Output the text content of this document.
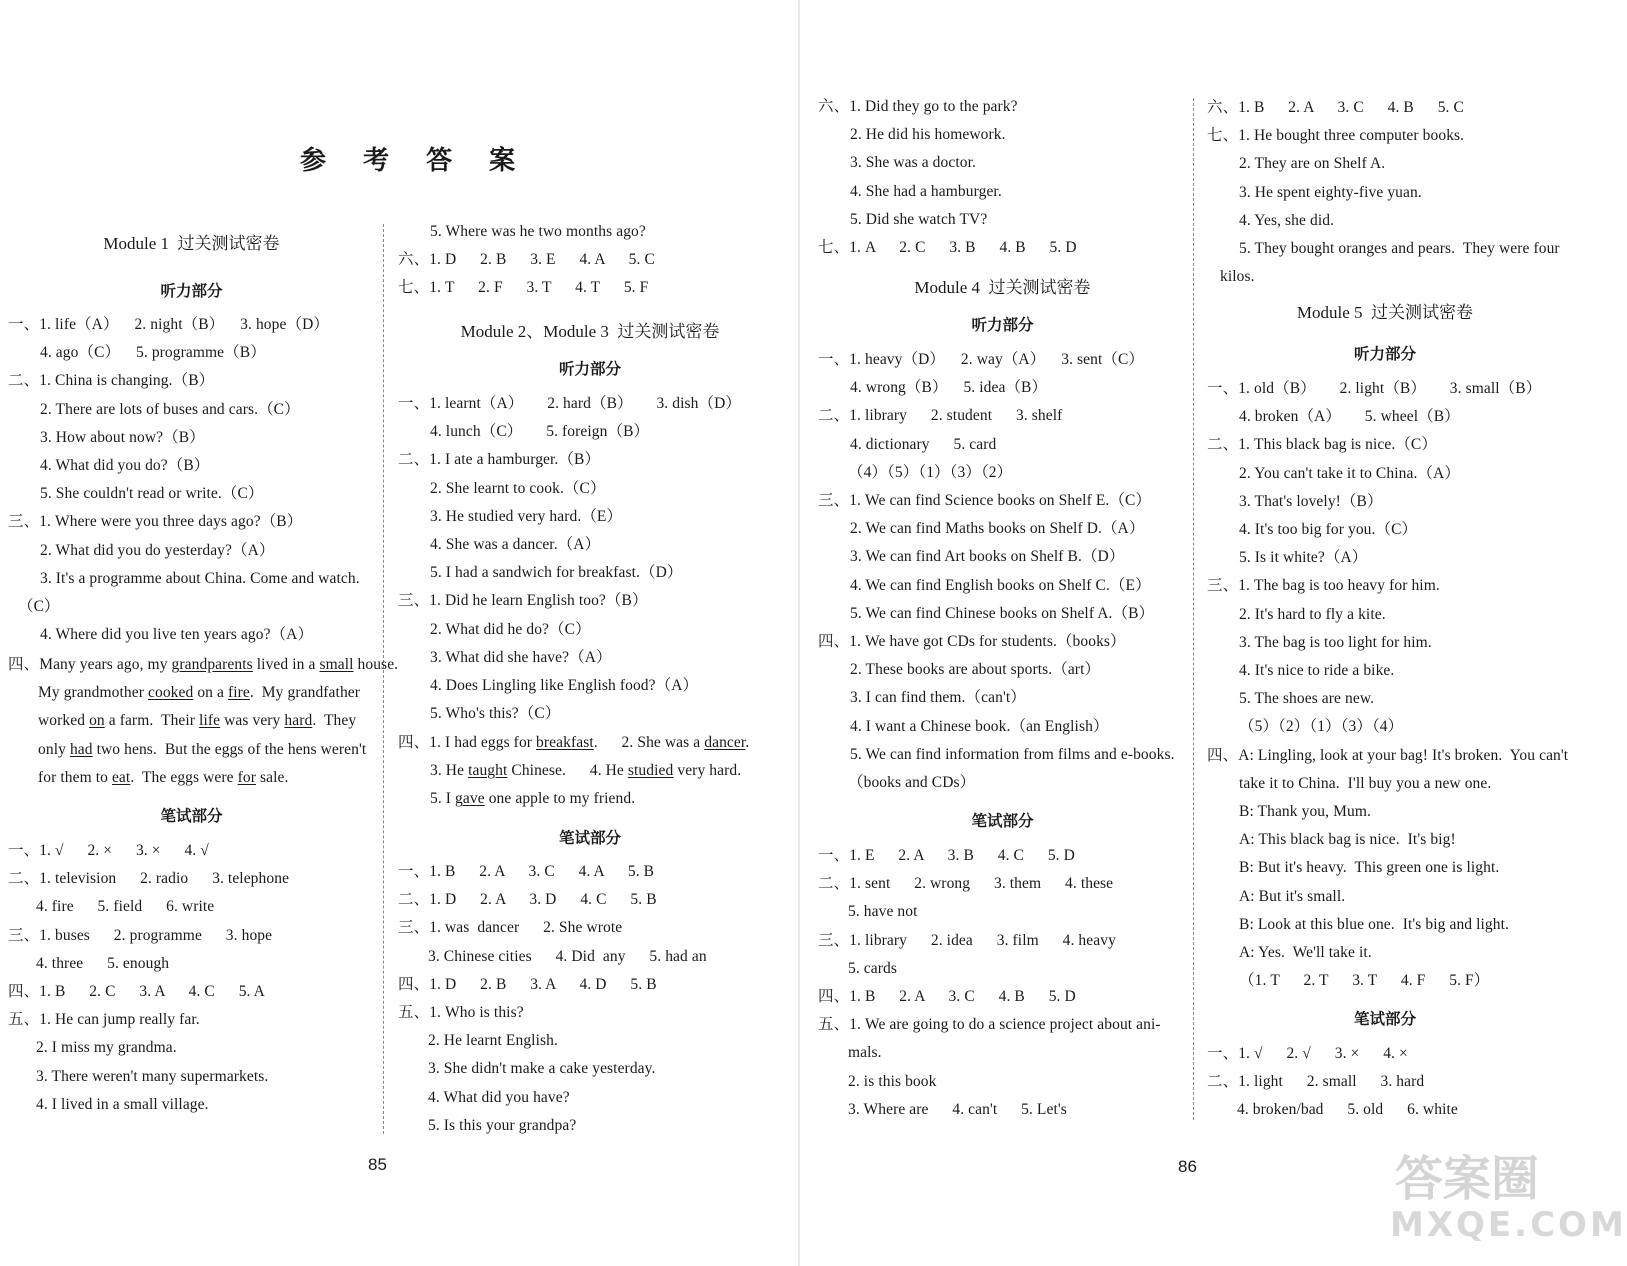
参 考 答 案
Module 1  过关测试密卷
听力部分
一、1. life（A）    2. night（B）    3. hope（D）
4. ago（C）    5. programme（B）
二、1. China is changing.（B）
2. There are lots of buses and cars.（C）
3. How about now?（B）
4. What did you do?（B）
5. She couldn't read or write.（C）
三、1. Where were you three days ago?（B）
2. What did you do yesterday?（A）
3. It's a programme about China. Come and watch.
（C）
4. Where did you live ten years ago?（A）
四、Many years ago, my grandparents lived in a small house.
My grandmother cooked on a fire.  My grandfather
worked on a farm.  Their life was very hard.  They
only had two hens.  But the eggs of the hens weren't
for them to eat.  The eggs were for sale.
笔试部分
一、1. √      2. ×      3. ×      4. √
二、1. television      2. radio      3. telephone
4. fire      5. field      6. write
三、1. buses      2. programme      3. hope
4. three      5. enough
四、1. B      2. C      3. A      4. C      5. A
五、1. He can jump really far.
2. I miss my grandma.
3. There weren't many supermarkets.
4. I lived in a small village.
5. Where was he two months ago?
六、1. D      2. B      3. E      4. A      5. C
七、1. T      2. F      3. T      4. T      5. F
Module 2、Module 3  过关测试密卷
听力部分
一、1. learnt（A）      2. hard（B）      3. dish（D）
4. lunch（C）      5. foreign（B）
二、1. I ate a hamburger.（B）
2. She learnt to cook.（C）
3. He studied very hard.（E）
4. She was a dancer.（A）
5. I had a sandwich for breakfast.（D）
三、1. Did he learn English too?（B）
2. What did he do?（C）
3. What did she have?（A）
4. Does Lingling like English food?（A）
5. Who's this?（C）
四、1. I had eggs for breakfast.      2. She was a dancer.
3. He taught Chinese.      4. He studied very hard.
5. I gave one apple to my friend.
笔试部分
一、1. B      2. A      3. C      4. A      5. B
二、1. D      2. A      3. D      4. C      5. B
三、1. was  dancer      2. She wrote
3. Chinese cities      4. Did  any      5. had an
四、1. D      2. B      3. A      4. D      5. B
五、1. Who is this?
2. He learnt English.
3. She didn't make a cake yesterday.
4. What did you have?
5. Is this your grandpa?
六、1. Did they go to the park?
2. He did his homework.
3. She was a doctor.
4. She had a hamburger.
5. Did she watch TV?
七、1. A      2. C      3. B      4. B      5. D
Module 4  过关测试密卷
听力部分
一、1. heavy（D）    2. way（A）    3. sent（C）
4. wrong（B）    5. idea（B）
二、1. library      2. student      3. shelf
4. dictionary      5. card
（4）（5）（1）（3）（2）
三、1. We can find Science books on Shelf E.（C）
2. We can find Maths books on Shelf D.（A）
3. We can find Art books on Shelf B.（D）
4. We can find English books on Shelf C.（E）
5. We can find Chinese books on Shelf A.（B）
四、1. We have got CDs for students.（books）
2. These books are about sports.（art）
3. I can find them.（can't）
4. I want a Chinese book.（an English）
5. We can find information from films and e-books.
（books and CDs）
笔试部分
一、1. E      2. A      3. B      4. C      5. D
二、1. sent      2. wrong      3. them      4. these
5. have not
三、1. library      2. idea      3. film      4. heavy
5. cards
四、1. B      2. A      3. C      4. B      5. D
五、1. We are going to do a science project about ani-
mals.
2. is this book
3. Where are      4. can't      5. Let's
六、1. B      2. A      3. C      4. B      5. C
七、1. He bought three computer books.
2. They are on Shelf A.
3. He spent eighty-five yuan.
4. Yes, she did.
5. They bought oranges and pears.  They were four
kilos.
Module 5  过关测试密卷
听力部分
一、1. old（B）      2. light（B）      3. small（B）
4. broken（A）      5. wheel（B）
二、1. This black bag is nice.（C）
2. You can't take it to China.（A）
3. That's lovely!（B）
4. It's too big for you.（C）
5. Is it white?（A）
三、1. The bag is too heavy for him.
2. It's hard to fly a kite.
3. The bag is too light for him.
4. It's nice to ride a bike.
5. The shoes are new.
（5）（2）（1）（3）（4）
四、A: Lingling, look at your bag! It's broken.  You can't
take it to China.  I'll buy you a new one.
B: Thank you, Mum.
A: This black bag is nice.  It's big!
B: But it's heavy.  This green one is light.
A: But it's small.
B: Look at this blue one.  It's big and light.
A: Yes.  We'll take it.
（1. T      2. T      3. T      4. F      5. F）
笔试部分
一、1. √      2. √      3. ×      4. ×
二、1. light      2. small      3. hard
4. broken/bad      5. old      6. white
85	86	答案圈
MXQE.COM
